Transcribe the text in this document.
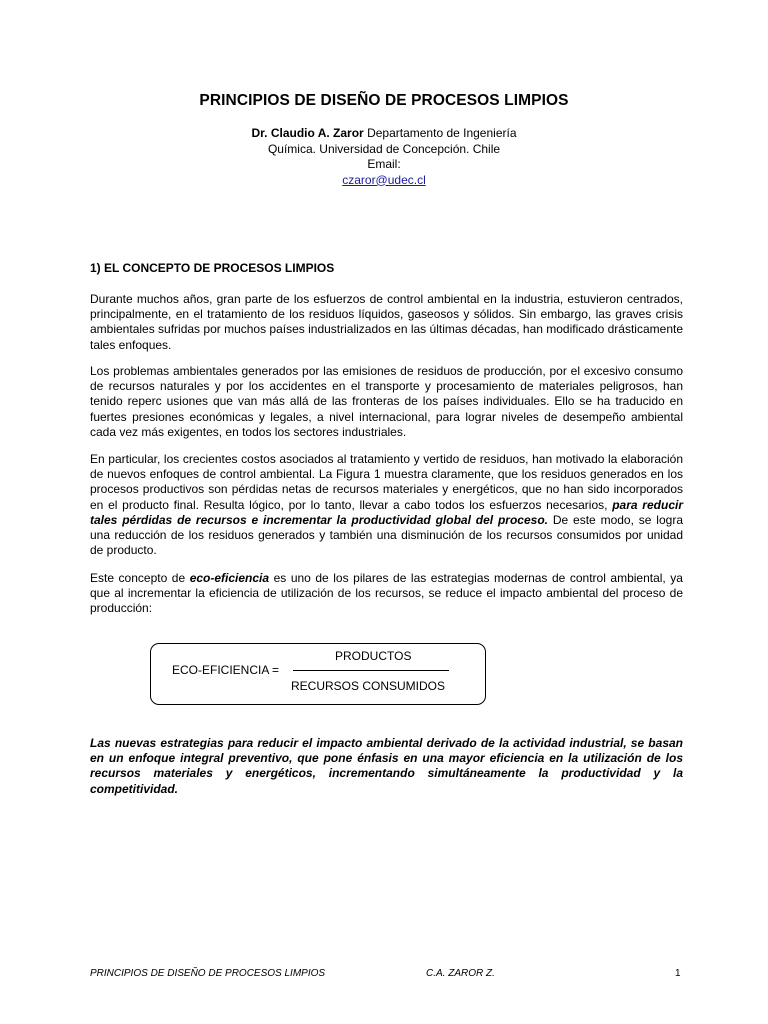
PRINCIPIOS DE DISEÑO DE PROCESOS LIMPIOS
Dr. Claudio A. Zaror Departamento de Ingeniería Química. Universidad de Concepción. Chile Email:
czaror@udec.cl
1) EL CONCEPTO DE PROCESOS LIMPIOS
Durante muchos años, gran parte de los esfuerzos de control ambiental en la industria, estuvieron centrados, principalmente, en el tratamiento de los residuos líquidos, gaseosos y sólidos. Sin embargo, las graves crisis ambientales sufridas por muchos países industrializados en las últimas décadas, han modificado drásticamente tales enfoques.
Los problemas ambientales generados por las emisiones de residuos de producción, por el excesivo consumo de recursos naturales y por los accidentes en el transporte y procesamiento de materiales peligrosos, han tenido reperc usiones que van más allá de las fronteras de los países individuales. Ello se ha traducido en fuertes presiones económicas y legales, a nivel internacional, para lograr niveles de desempeño ambiental cada vez más exigentes, en todos los sectores industriales.
En particular, los crecientes costos asociados al tratamiento y vertido de residuos, han motivado la elaboración de nuevos enfoques de control ambiental. La Figura 1 muestra claramente, que los residuos generados en los procesos productivos son pérdidas netas de recursos materiales y energéticos, que no han sido incorporados en el producto final. Resulta lógico, por lo tanto, llevar a cabo todos los esfuerzos necesarios, para reducir tales pérdidas de recursos e incrementar la productividad global del proceso. De este modo, se logra una reducción de los residuos generados y también una disminución de los recursos consumidos por unidad de producto.
Este concepto de eco-eficiencia es uno de los pilares de las estrategias modernas de control ambiental, ya que al incrementar la eficiencia de utilización de los recursos, se reduce el impacto ambiental del proceso de producción:
ECO-EFICIENCIA =
PRODUCTOS
RECURSOS CONSUMIDOS
Las nuevas estrategias para reducir el impacto ambiental derivado de la actividad industrial, se basan en un enfoque integral preventivo, que pone énfasis en una mayor eficiencia en la utilización de los recursos materiales y energéticos, incrementando simultáneamente la productividad y la competitividad.
PRINCIPIOS DE DISEÑO DE PROCESOS LIMPIOS	C.A. ZAROR Z.	1
